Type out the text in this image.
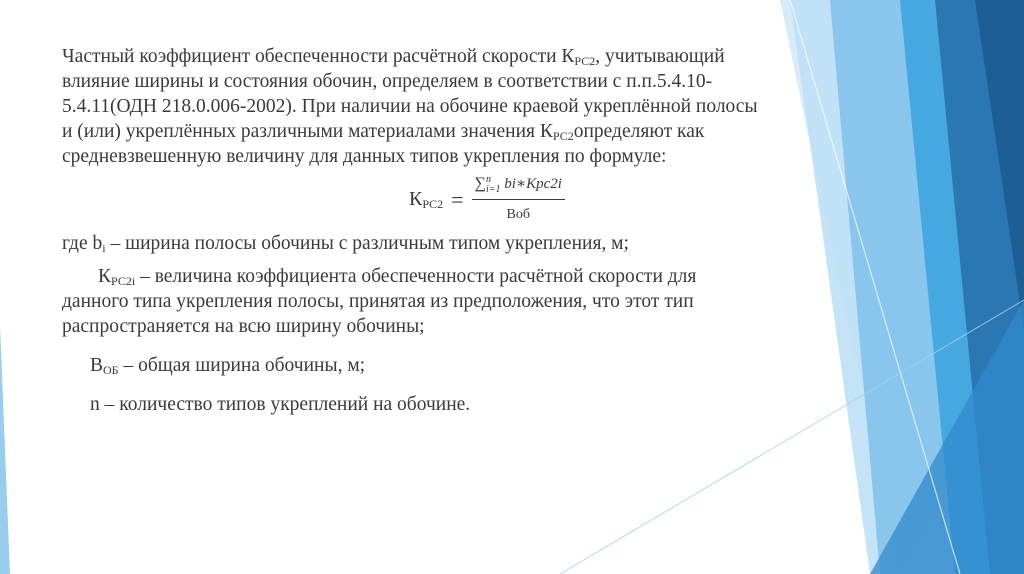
Частный коэффициент обеспеченности расчётной скорости $К_{РС2}$, учитывающий влияние ширины и состояния обочин, определяем в соответствии с п.п.5.4.10-5.4.11(ОДН 218.0.006-2002). При наличии на обочине краевой укреплённой полосы и (или) укреплённых различными материалами значения $К_{РС2}определяют$ как средневзвешенную величину для данных типов укрепления по формуле:

$К_{РС2}$ = ∑ n
i=1 bi∗Kрс2i
Воб

где $b_i$ – ширина полосы обочины с различным типом укрепления, м;

$К_{РС2i}$ – величина коэффициента обеспеченности расчётной скорости для данного типа укрепления полосы, принятая из предположения, что этот тип распространяется на всю ширину обочины;

$В_{ОБ}$ – общая ширина обочины, м;

n – количество типов укреплений на обочине.
